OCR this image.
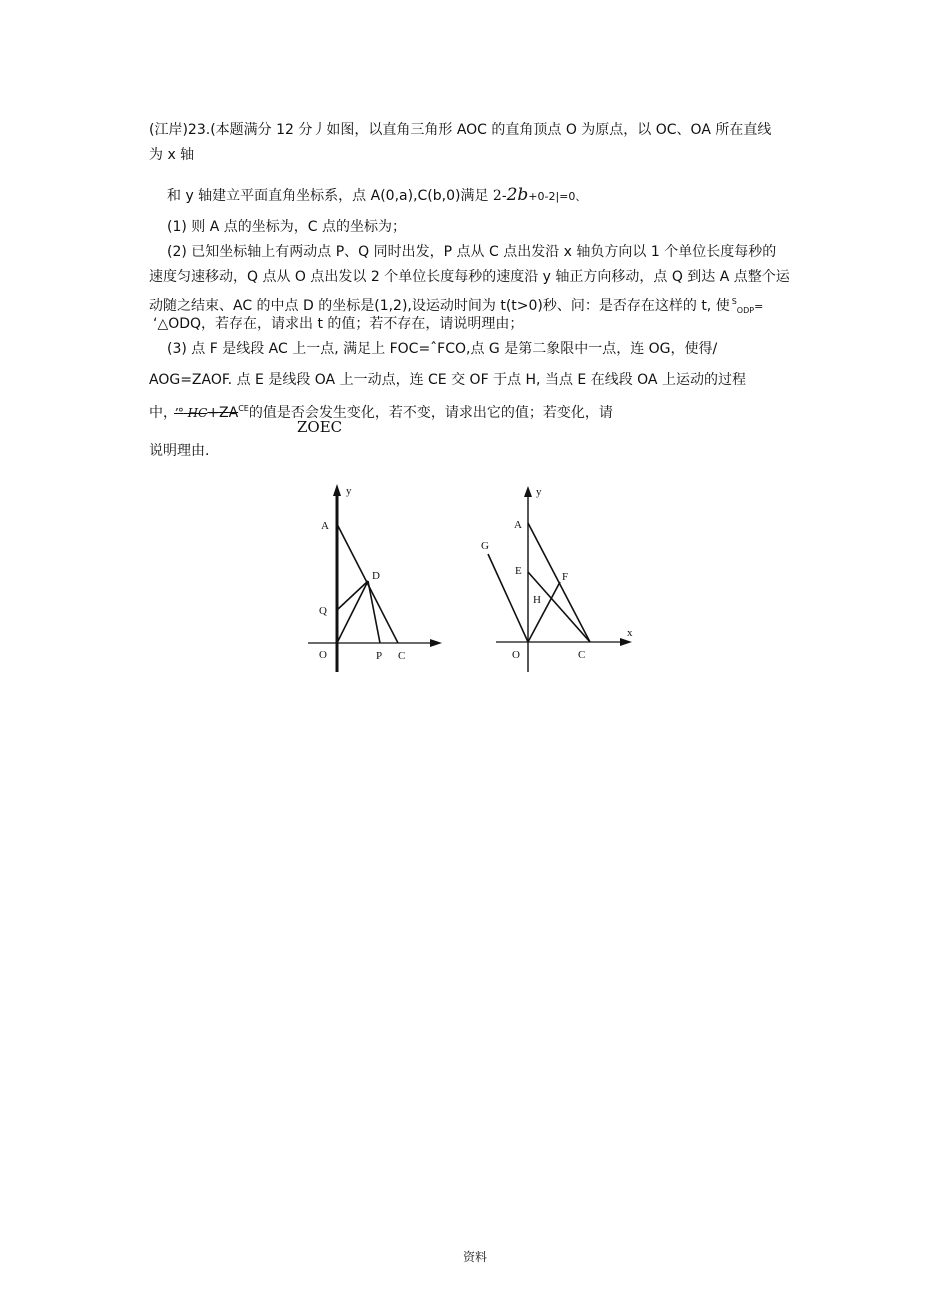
(江岸)23.(本题满分 12 分丿如图，以直角三角形 AOC 的直角顶点 O 为原点，以 OC、OA 所在直线
为 x 轴
和 y 轴建立平面直角坐标系，点 A(0,a),C(b,0)满足 2-2b+0-2|=0、
(1) 则 A 点的坐标为，C 点的坐标为；
(2) 已知坐标轴上有两动点 P、Q 同时出发，P 点从 C 点出发沿 x 轴负方向以 1 个单位长度每秒的
速度匀速移动，Q 点从 O 点出发以 2 个单位长度每秒的速度沿 y 轴正方向移动，点 Q 到达 A 点整个运
动随之结束、AC 的中点 D 的坐标是(1,2),设运动时间为 t(t>0)秒、问：是否存在这样的 t, 使 $^S_{ODP}$=
‘△ODQ，若存在，请求出 t 的值；若不存在，请说明理由；
(3) 点 F 是线段 AC 上一点, 满足上 FOC=ˆFCO,点 G 是第二象限中一点，连 OG，使得/
AOG=ZAOF. 点 E 是线段 OA 上一动点，连 CE 交 OF 于点 H, 当点 E 在线段 OA 上运动的过程
中， ’° $HC+ZA^{CE}$的值是否会发生变化，若不变，请求出它的值；若变化，请
ZOEC
说明理由.
y
A
D
Q
O	P C
y
x
A
G
E	F
H
O	C
资料
